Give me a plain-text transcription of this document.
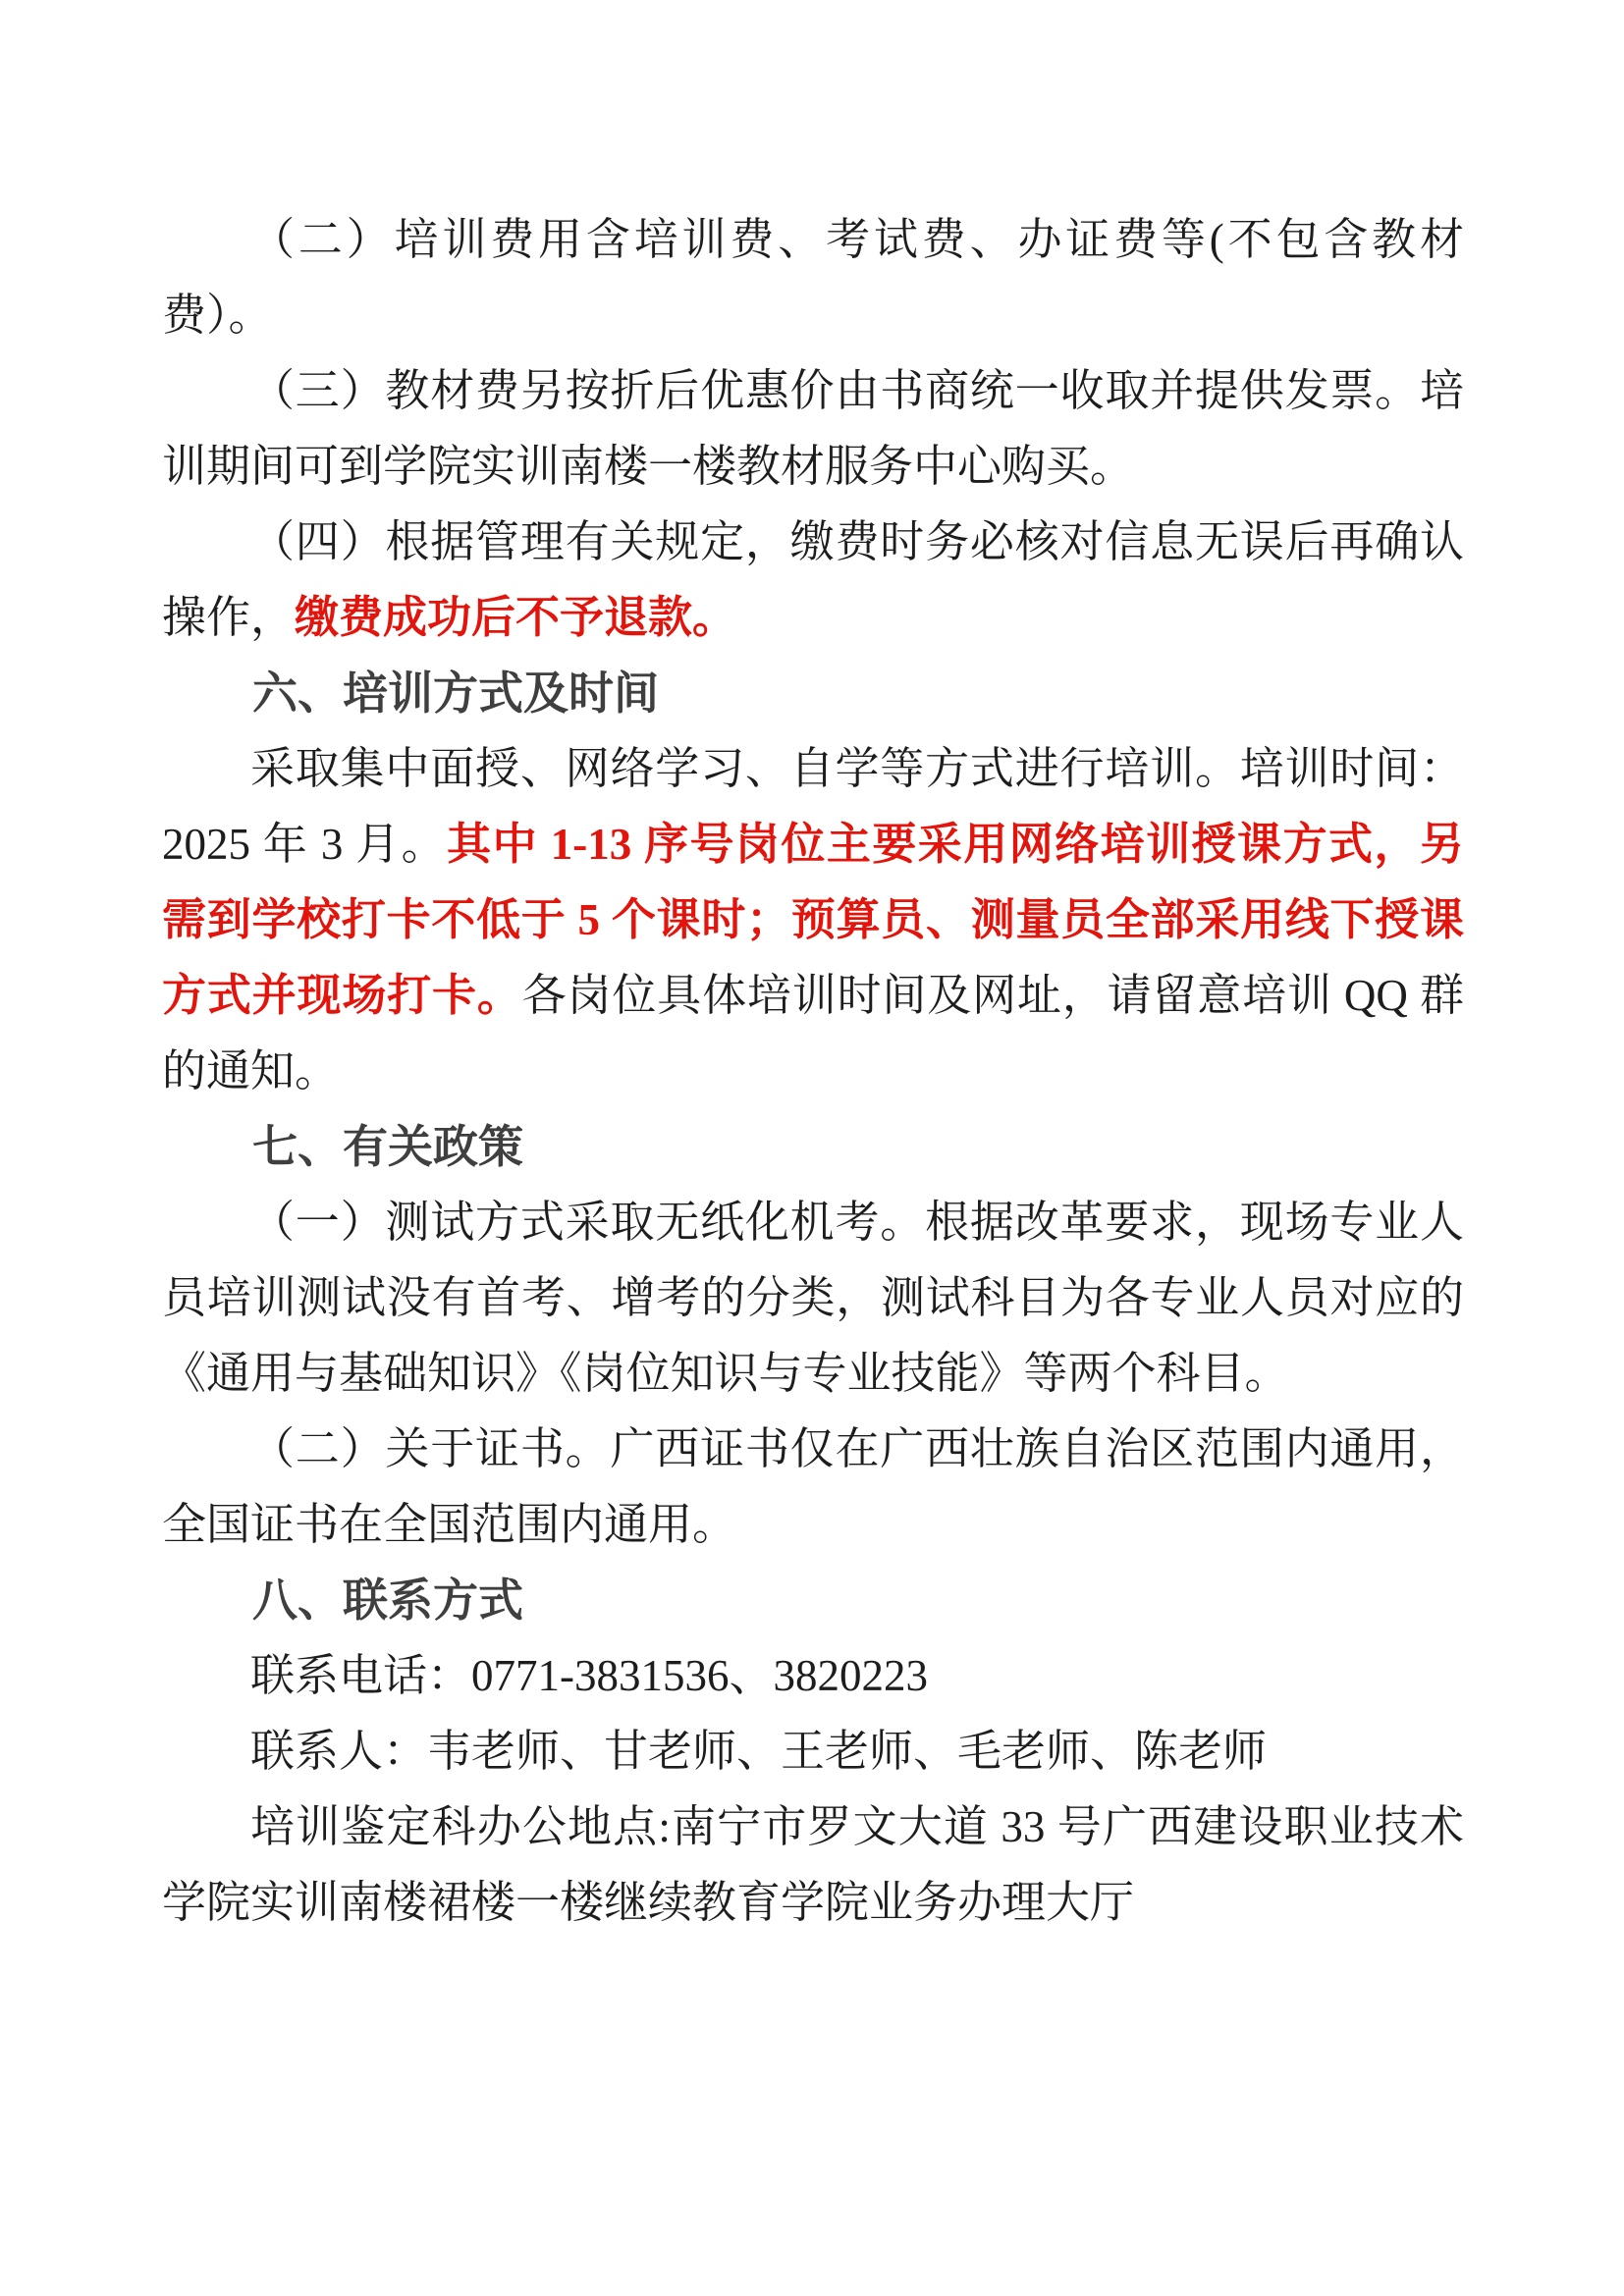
（二）培训费用含培训费、考试费、办证费等(不包含教材费）。

（三）教材费另按折后优惠价由书商统一收取并提供发票。培训期间可到学院实训南楼一楼教材服务中心购买。

（四）根据管理有关规定，缴费时务必核对信息无误后再确认操作，缴费成功后不予退款。

六、培训方式及时间

采取集中面授、网络学习、自学等方式进行培训。培训时间：2025 年 3 月。其中 1-13 序号岗位主要采用网络培训授课方式，另需到学校打卡不低于 5 个课时；预算员、测量员全部采用线下授课方式并现场打卡。各岗位具体培训时间及网址，请留意培训 QQ 群的通知。

七、有关政策

（一）测试方式采取无纸化机考。根据改革要求，现场专业人员培训测试没有首考、增考的分类，测试科目为各专业人员对应的《通用与基础知识》《岗位知识与专业技能》等两个科目。

（二）关于证书。广西证书仅在广西壮族自治区范围内通用，全国证书在全国范围内通用。

八、联系方式

联系电话：0771-3831536、3820223

联系人：韦老师、甘老师、王老师、毛老师、陈老师

培训鉴定科办公地点:南宁市罗文大道 33 号广西建设职业技术学院实训南楼裙楼一楼继续教育学院业务办理大厅
